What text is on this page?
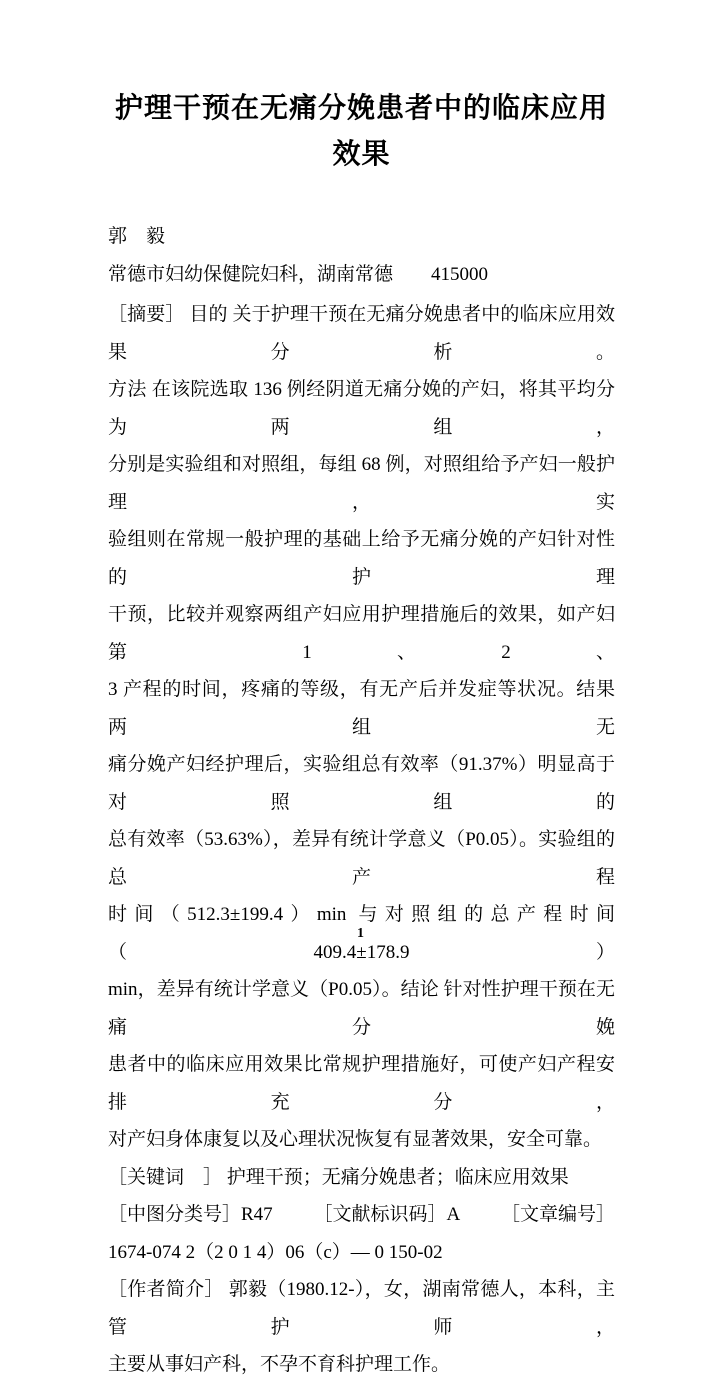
护理干预在无痛分娩患者中的临床应用效果
郭　毅
常德市妇幼保健院妇科，湖南常德　　415000
［摘要］ 目的 关于护理干预在无痛分娩患者中的临床应用效果分析。
方法 在该院选取 136 例经阴道无痛分娩的产妇，将其平均分为两组，
分别是实验组和对照组，每组 68 例，对照组给予产妇一般护理，实
验组则在常规一般护理的基础上给予无痛分娩的产妇针对性的护理
干预，比较并观察两组产妇应用护理措施后的效果，如产妇第 1、2、
3 产程的时间，疼痛的等级，有无产后并发症等状况。结果 两组无
痛分娩产妇经护理后，实验组总有效率（91.37%）明显高于对照组的
总有效率（53.63%），差异有统计学意义（P0.05）。实验组的总产程
时间（512.3±199.4）min 与对照组的总产程时间（409.4±178.9）
min，差异有统计学意义（P0.05）。结论 针对性护理干预在无痛分娩
患者中的临床应用效果比常规护理措施好，可使产妇产程安排充分，
对产妇身体康复以及心理状况恢复有显著效果，安全可靠。
［关键词　］ 护理干预；无痛分娩患者；临床应用效果
［中图分类号］R47 ［文献标识码］A ［文章编号］
1674-074 2（2 0 1 4）06（c）— 0 150-02
［作者简介］ 郭毅（1980.12-），女，湖南常德人，本科，主管护师，
主要从事妇产科，不孕不育科护理工作。
1
